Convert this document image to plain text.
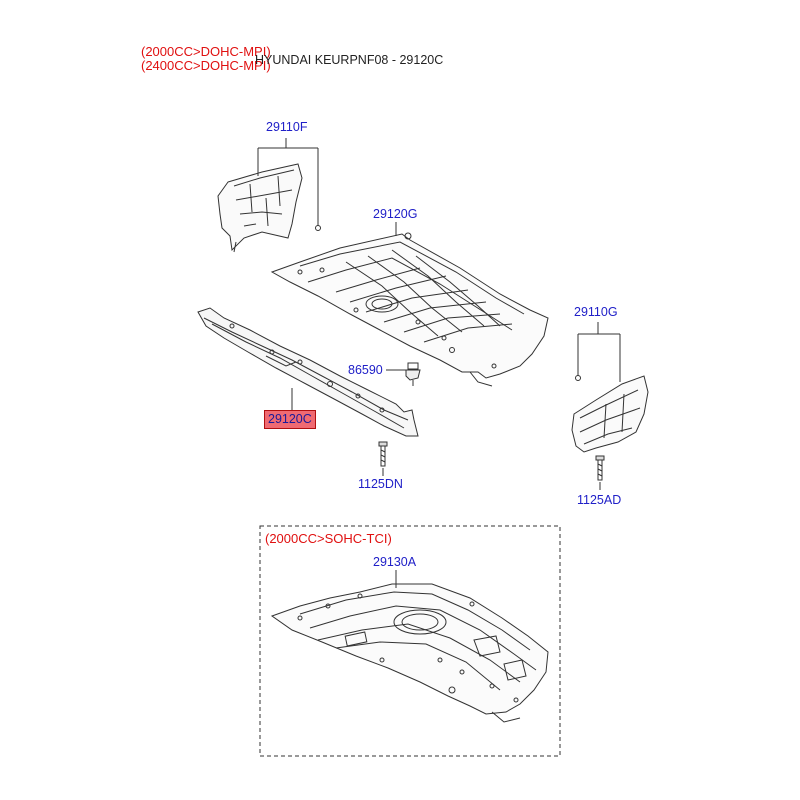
(2000CC>DOHC-MPI)
(2400CC>DOHC-MPI)
HYUNDAI KEURPNF08 - 29120C
29110F
29120G
29110G
86590
29120C
1125DN
1125AD
(2000CC>SOHC-TCI)
29130A
